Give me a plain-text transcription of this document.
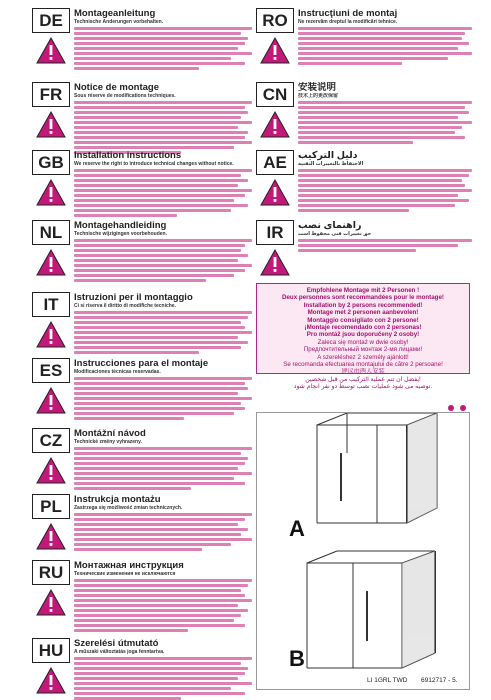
DE	Montageanleitung
Technische Änderungen vorbehalten.
FR	Notice de montage
Sous réserve de modifications techniques.
GB	Installation instructions
We reserve the right to introduce technical changes without notice.
NL	Montagehandleiding
Technische wijzigingen voorbehouden.
IT	Istruzioni per il montaggio
Ci si riserva il diritto di modifiche tecniche.
ES	Instrucciones para el montaje
Modificaciones técnicas reservadas.
CZ	Montážní návod
Technické změny vyhrazeny.
PL	Instrukcja montażu
Zastrzega się możliwość zmian technicznych.
RU	Монтажная инструкция
Технические изменения не исключаются
HU	Szerelési útmutató
A műszaki változtatás joga fenntartva.
RO	Instrucţiuni de montaj
Ne rezervăm dreptul la modificări tehnice.
CN	安装说明
技术上的更改保留
AE	دليل التركيب
الاحتفاظ بالتغييرات التقنية
IR	راهنمای نصب
حق تغییرات فنی محفوظ است
Empfohlene Montage mit 2 Personen !
Deux personnes sont recommandées pour le montage!
Installation by 2 persons recommended!
Montage met 2 personen aanbevolen!
Montaggio consigliato con 2 persone!
¡Montaje recomendado con 2 personas!
Pro montáž jsou doporučeny 2 osoby!
Zaleca się montaż w dwie osoby!
Предпочтительный монтаж 2-мя лицами!
A szereléshez 2 személy ajánlott!
Se recomanda efectuarea montajului de către 2 persoane!
建议由两人安装
يفضل أن تتم عملية التركيب من قبل شخصين!
توصیه می شود عملیات نصب توسط دو نفر انجام شود.
A
B
LI 1GRL TWD 6912717 - 5.
